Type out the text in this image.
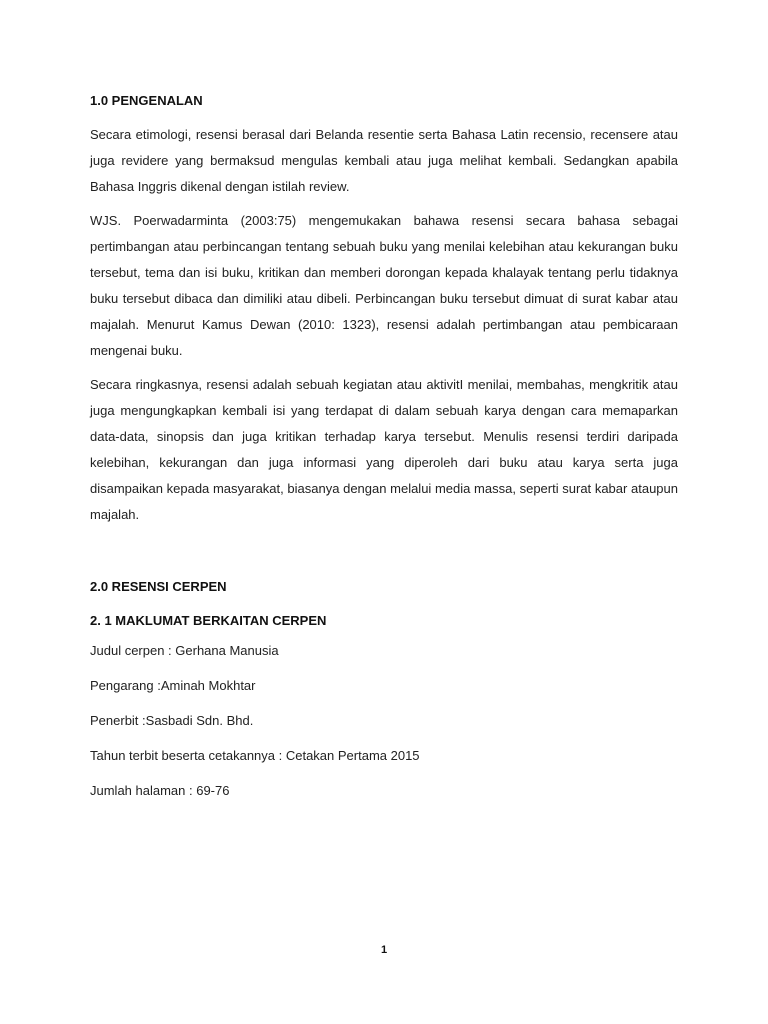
1.0 PENGENALAN

Secara etimologi, resensi berasal dari Belanda resentie serta Bahasa Latin recensio, recensere atau juga revidere yang bermaksud mengulas kembali atau juga melihat kembali. Sedangkan apabila Bahasa Inggris dikenal dengan istilah review.

WJS. Poerwadarminta (2003:75) mengemukakan bahawa resensi secara bahasa sebagai pertimbangan atau perbincangan tentang sebuah buku yang menilai kelebihan atau kekurangan buku tersebut, tema dan isi buku, kritikan dan memberi dorongan kepada khalayak tentang perlu tidaknya buku tersebut dibaca dan dimiliki atau dibeli. Perbincangan buku tersebut dimuat di surat kabar atau majalah. Menurut Kamus Dewan (2010: 1323), resensi adalah pertimbangan atau pembicaraan mengenai buku.

Secara ringkasnya, resensi adalah sebuah kegiatan atau aktivitI menilai, membahas, mengkritik atau juga mengungkapkan kembali isi yang terdapat di dalam sebuah karya dengan cara memaparkan data-data, sinopsis dan juga kritikan terhadap karya tersebut. Menulis resensi terdiri daripada kelebihan, kekurangan dan juga informasi yang diperoleh dari buku atau karya serta juga disampaikan kepada masyarakat, biasanya dengan melalui media massa, seperti surat kabar ataupun majalah.

2.0 RESENSI CERPEN
2. 1 MAKLUMAT BERKAITAN CERPEN

Judul cerpen : Gerhana Manusia

Pengarang :Aminah Mokhtar

Penerbit :Sasbadi Sdn. Bhd.

Tahun terbit beserta cetakannya : Cetakan Pertama 2015

Jumlah halaman : 69-76

1
